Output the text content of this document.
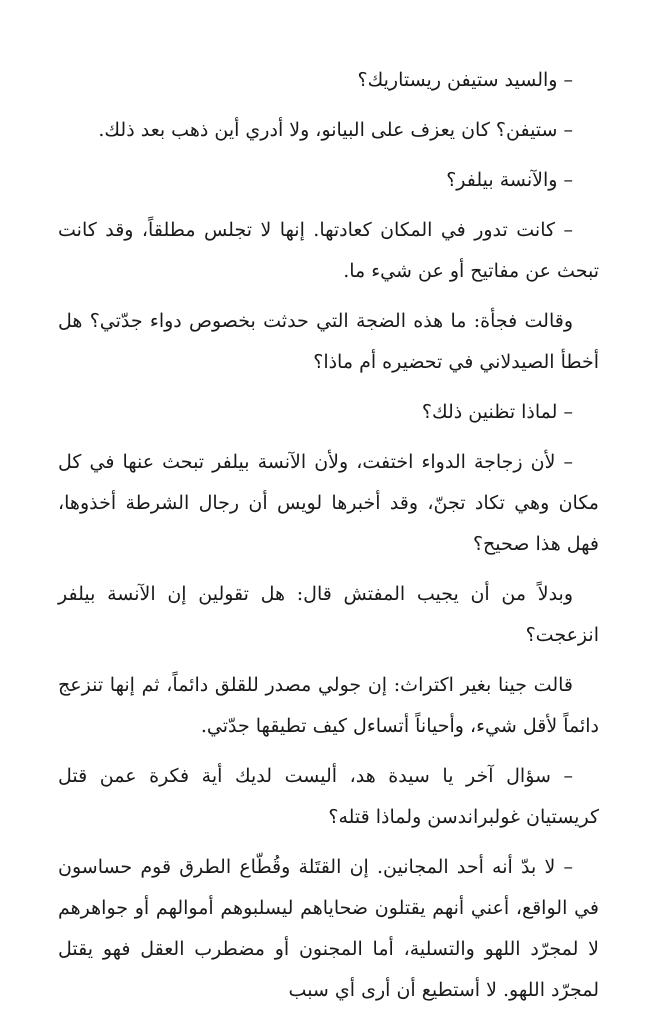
– والسيد ستيفن ريستاريك؟

– ستيفن؟ كان يعزف على البيانو، ولا أدري أين ذهب بعد ذلك.

– والآنسة بيلفر؟

– كانت تدور في المكان كعادتها. إنها لا تجلس مطلقاً، وقد كانت تبحث عن مفاتيح أو عن شيء ما.

وقالت فجأة: ما هذه الضجة التي حدثت بخصوص دواء جدّتي؟ هل أخطأ الصيدلاني في تحضيره أم ماذا؟

– لماذا تظنين ذلك؟

– لأن زجاجة الدواء اختفت، ولأن الآنسة بيلفر تبحث عنها في كل مكان وهي تكاد تجنّ، وقد أخبرها لويس أن رجال الشرطة أخذوها، فهل هذا صحيح؟

وبدلاً من أن يجيب المفتش قال: هل تقولين إن الآنسة بيلفر انزعجت؟

قالت جينا بغير اكتراث: إن جولي مصدر للقلق دائماً، ثم إنها تنزعج دائماً لأقل شيء، وأحياناً أتساءل كيف تطيقها جدّتي.

– سؤال آخر يا سيدة هد، أليست لديك أية فكرة عمن قتل كريستيان غولبراندسن ولماذا قتله؟

– لا بدّ أنه أحد المجانين. إن القتَلة وقُطّاع الطرق قوم حساسون في الواقع، أعني أنهم يقتلون ضحاياهم ليسلبوهم أموالهم أو جواهرهم لا لمجرّد اللهو والتسلية، أما المجنون أو مضطرب العقل فهو يقتل لمجرّد اللهو. لا أستطيع أن أرى أي سبب
